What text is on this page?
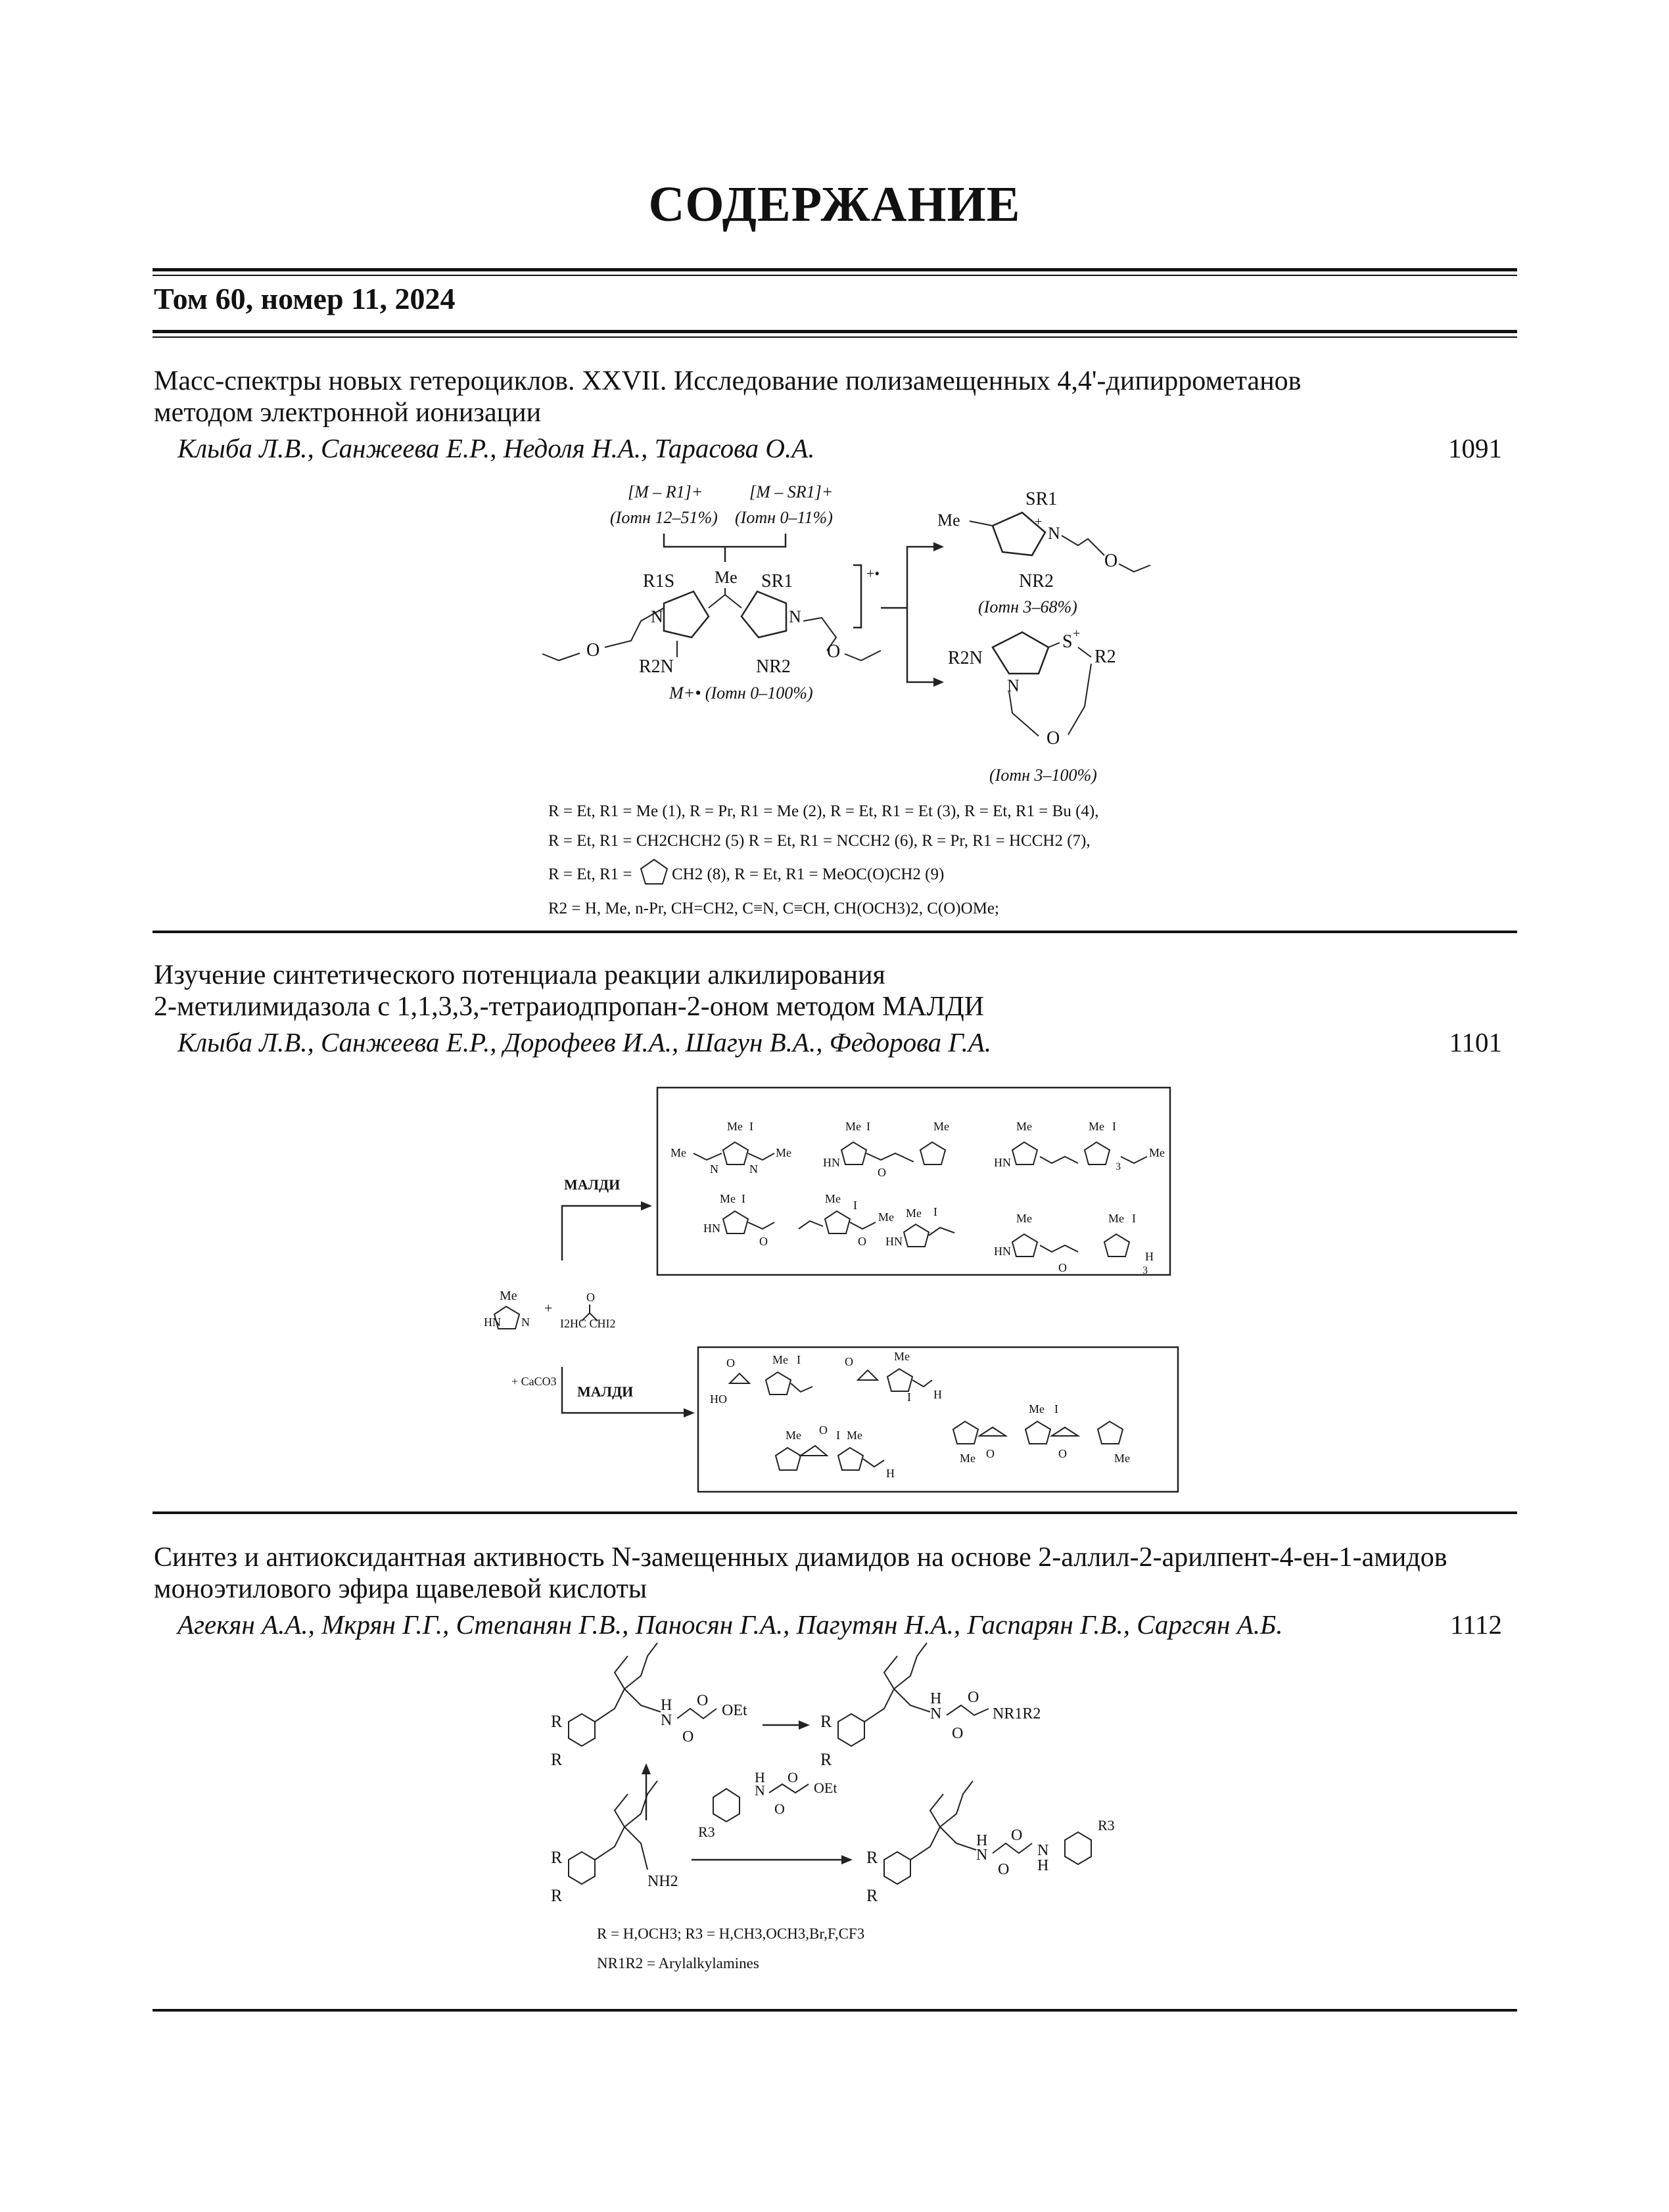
СОДЕРЖАНИЕ
Том 60, номер 11, 2024
Масс-спектры новых гетероциклов. XXVII. Исследование полизамещенных 4,4'-дипиррометанов
методом электронной ионизации
Клыба Л.В., Санжеева Е.Р., Недоля Н.А., Тарасова О.А.	1091
[M – R1]+
(Iотн 12–51%)
[M – SR1]+
(Iотн 0–11%)
R1S
N
R2N
O
Me SR1
N
NR2
O
M+• (Iотн 0–100%)
+•
Me
SR1
N
+
NR2
O
(Iотн 3–68%)
R2N
N
S +
R2
O
(Iотн 3–100%)
R = Et, R1 = Me (1), R = Pr, R1 = Me (2), R = Et, R1 = Et (3), R = Et, R1 = Bu (4),
R = Et, R1 = CH2CHCH2 (5) R = Et, R1 = NCCH2 (6), R = Pr, R1 = HCCH2 (7),
R = Et, R1 = CH2 (8), R = Et, R1 = MeOC(O)CH2 (9)
R2 = H, Me, n-Pr, CH=CH2, C≡N, C≡CH, CH(OCH3)2, C(O)OMe;
Изучение синтетического потенциала реакции алкилирования
2-метилимидазола с 1,1,3,3,-тетраиодпропан-2-оном методом МАЛДИ
Клыба Л.В., Санжеева Е.Р., Дорофеев И.А., Шагун В.А., Федорова Г.А.	1101
МАЛДИ
МАЛДИ
+ CaCO3
Me
HN N
+
I2HC CHI2
O
Me I
Me	Me
N	N
Me I
HN
Me
O
Me
HN
Me I
3
Me
Me I
HN
O
Me I
Me
O
Me I
HN
Me
HN
O
Me I
H
3
O
HO
Me I	O	Me
I H
Me O Me
I
H
Me O
Me I
O	Me
Синтез и антиоксидантная активность N-замещенных диамидов на основе 2-аллил-2-арилпент-4-ен-1-амидов
моноэтилового эфира щавелевой кислоты
Агекян А.А., Мкрян Г.Г., Степанян Г.В., Паносян Г.А., Пагутян Н.А., Гаспарян Г.В., Саргсян А.Б.	1112
R
R
H
N
O
O
OEt
R
R
H
N
O
O
NR1R2
R3
H
N
O
O
OEt
R
R
NH2
R
R
N
H O
O
N
H
R3
R = H,OCH3; R3 = H,CH3,OCH3,Br,F,CF3
NR1R2 = Arylalkylamines
